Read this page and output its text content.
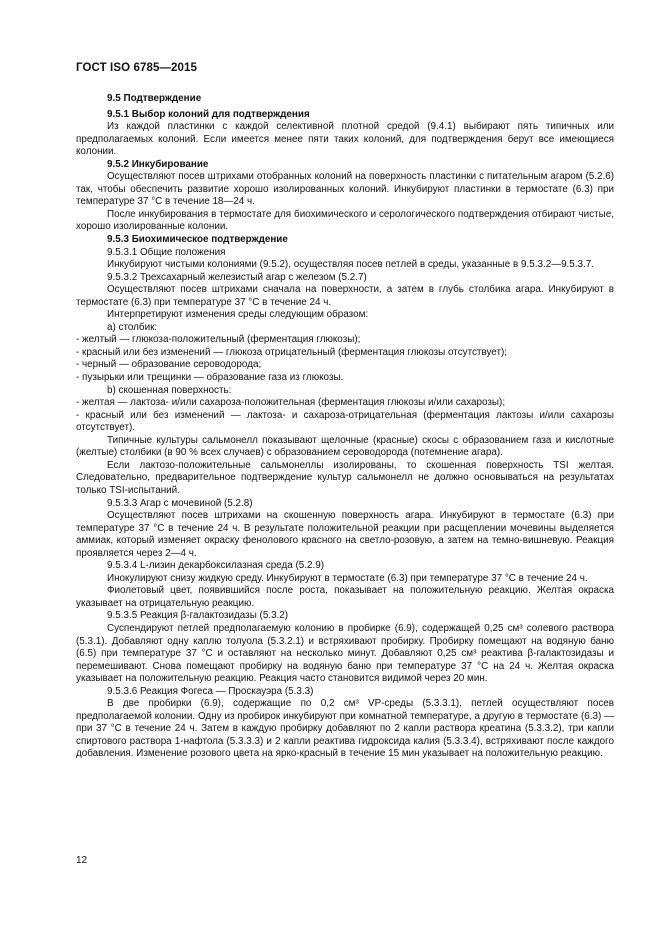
ГОСТ ISO 6785—2015

9.5 Подтверждение

9.5.1 Выбор колоний для подтверждения

Из каждой пластинки с каждой селективной плотной средой (9.4.1) выбирают пять типичных или предполагаемых колоний. Если имеется менее пяти таких колоний, для подтверждения берут все имеющиеся колонии.

9.5.2 Инкубирование

Осуществляют посев штрихами отобранных колоний на поверхность пластинки с питательным агаром (5.2.6) так, чтобы обеспечить развитие хорошо изолированных колоний. Инкубируют пластинки в термостате (6.3) при температуре 37 °С в течение 18—24 ч.

После инкубирования в термостате для биохимического и серологического подтверждения отбирают чистые, хорошо изолированные колонии.

9.5.3 Биохимическое подтверждение

9.5.3.1 Общие положения

Инкубируют чистыми колониями (9.5.2), осуществляя посев петлей в среды, указанные в 9.5.3.2—9.5.3.7.

9.5.3.2 Трехсахарный железистый агар с железом (5.2.7)

Осуществляют посев штрихами сначала на поверхности, а затем в глубь столбика агара. Инкубируют в термостате (6.3) при температуре 37 °С в течение 24 ч.

Интерпретируют изменения среды следующим образом:

а) столбик:

- желтый — глюкоза-положительный (ферментация глюкозы);

- красный или без изменений — глюкоза отрицательный (ферментация глюкозы отсутствует);

- черный — образование сероводорода;

- пузырьки или трещинки — образование газа из глюкозы.

b) скошенная поверхность:

- желтая — лактоза- и/или сахароза-положительная (ферментация глюкозы и/или сахарозы);

- красный или без изменений — лактоза- и сахароза-отрицательная (ферментация лактозы и/или сахарозы отсутствует).

Типичные культуры сальмонелл показывают щелочные (красные) скосы с образованием газа и кислотные (желтые) столбики (в 90 % всех случаев) с образованием сероводорода (потемнение агара).

Если лактозо-положительные сальмонеллы изолированы, то скошенная поверхность TSI желтая. Следовательно, предварительное подтверждение культур сальмонелл не должно основываться на результатах только TSI-испытаний.

9.5.3.3 Агар с мочевиной (5.2.8)

Осуществляют посев штрихами на скошенную поверхность агара. Инкубируют в термостате (6.3) при температуре 37 °С в течение 24 ч. В результате положительной реакции при расщеплении мочевины выделяется аммиак, который изменяет окраску фенолового красного на светло-розовую, а затем на темно-вишневую. Реакция проявляется через 2—4 ч.

9.5.3.4 L-лизин декарбоксилазная среда (5.2.9)

Инокулируют снизу жидкую среду. Инкубируют в термостате (6.3) при температуре 37 °С в течение 24 ч.

Фиолетовый цвет, появившийся после роста, показывает на положительную реакцию. Желтая окраска указывает на отрицательную реакцию.

9.5.3.5 Реакция β-галактозидазы (5.3.2)

Суспендируют петлей предполагаемую колонию в пробирке (6.9), содержащей 0,25 см³ солевого раствора (5.3.1). Добавляют одну каплю толуола (5.3.2.1) и встряхивают пробирку. Пробирку помещают на водяную баню (6.5) при температуре 37 °С и оставляют на несколько минут. Добавляют 0,25 см³ реактива β-галактозидазы и перемешивают. Снова помещают пробирку на водяную баню при температуре 37 °С на 24 ч. Желтая окраска указывает на положительную реакцию. Реакция часто становится видимой через 20 мин.

9.5.3.6 Реакция Фогеса — Проскауэра (5.3.3)

В две пробирки (6.9), содержащие по 0,2 см³ VP-среды (5.3.3.1), петлей осуществляют посев предполагаемой колонии. Одну из пробирок инкубируют при комнатной температуре, а другую в термостате (6.3) — при 37 °С в течение 24 ч. Затем в каждую пробирку добавляют по 2 капли раствора креатина (5.3.3.2), три капли спиртового раствора 1-нафтола (5.3.3.3) и 2 капли реактива гидроксида калия (5.3.3.4), встряхивают после каждого добавления. Изменение розового цвета на ярко-красный в течение 15 мин указывает на положительную реакцию.

12
